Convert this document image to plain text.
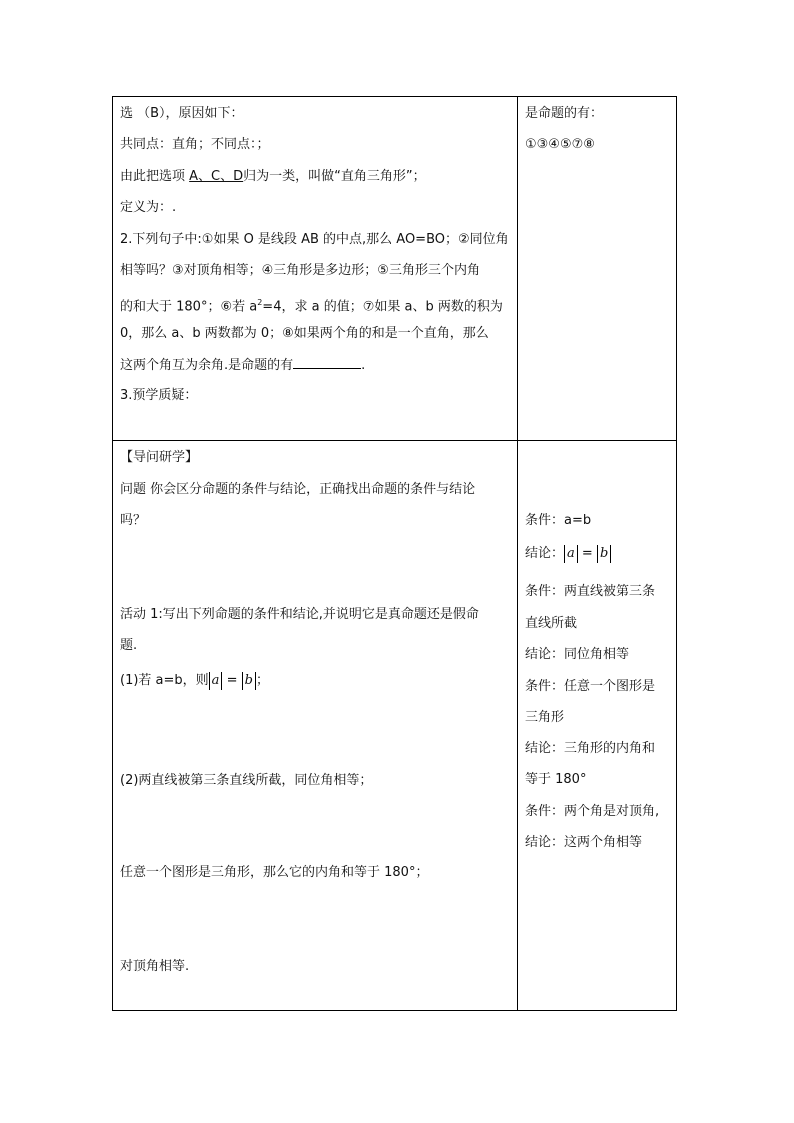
选 （B），原因如下：
共同点：直角；不同点：；
由此把选项 A、C、D归为一类，叫做“直角三角形”；
定义为：.
2.下列句子中:①如果 O 是线段 AB 的中点,那么 AO=BO；②同位角
相等吗？③对顶角相等；④三角形是多边形；⑤三角形三个内角
的和大于 180°；⑥若 $a^2=4$，求 a 的值；⑦如果 a、b 两数的积为
0，那么 a、b 两数都为 0；⑧如果两个角的和是一个直角，那么
这两个角互为余角.是命题的有	.
3.预学质疑：
是命题的有：
①③④⑤⑦⑧
【导问研学】
问题 你会区分命题的条件与结论，正确找出命题的条件与结论
吗？
活动 1:写出下列命题的条件和结论,并说明它是真命题还是假命
题.
(1)若 a=b，则 a = b ；
(2)两直线被第三条直线所截，同位角相等；
任意一个图形是三角形，那么它的内角和等于 180°；
对顶角相等.
条件：a=b
结论： a = b
条件：两直线被第三条
直线所截
结论：同位角相等
条件：任意一个图形是
三角形
结论：三角形的内角和
等于 180°
条件：两个角是对顶角,
结论：这两个角相等
